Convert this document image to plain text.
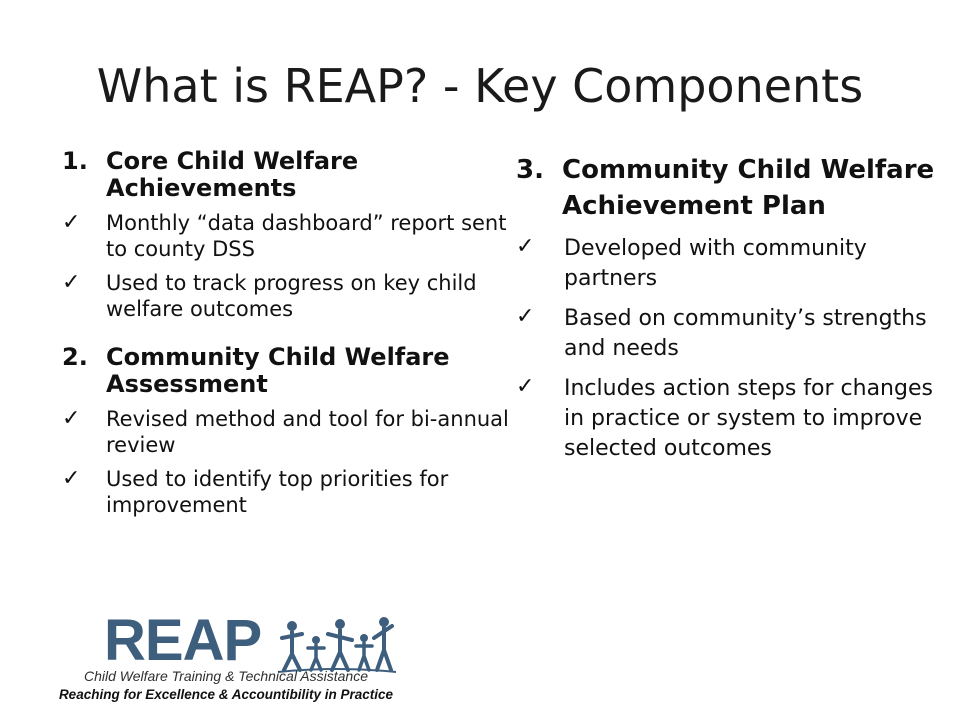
What is REAP? - Key Components
1. Core Child Welfare Achievements
✓	Monthly “data dashboard” report sent to county DSS
✓	Used to track progress on key child welfare outcomes
2. Community Child Welfare Assessment
✓	Revised method and tool for bi-annual review
✓	Used to identify top priorities for improvement
3. Community Child Welfare Achievement Plan
✓	Developed with community partners
✓	Based on community’s strengths and needs
✓	Includes action steps for changes in practice or system to improve selected outcomes
REAP
Child Welfare Training & Technical Assistance
Reaching for Excellence & Accountibility in Practice
